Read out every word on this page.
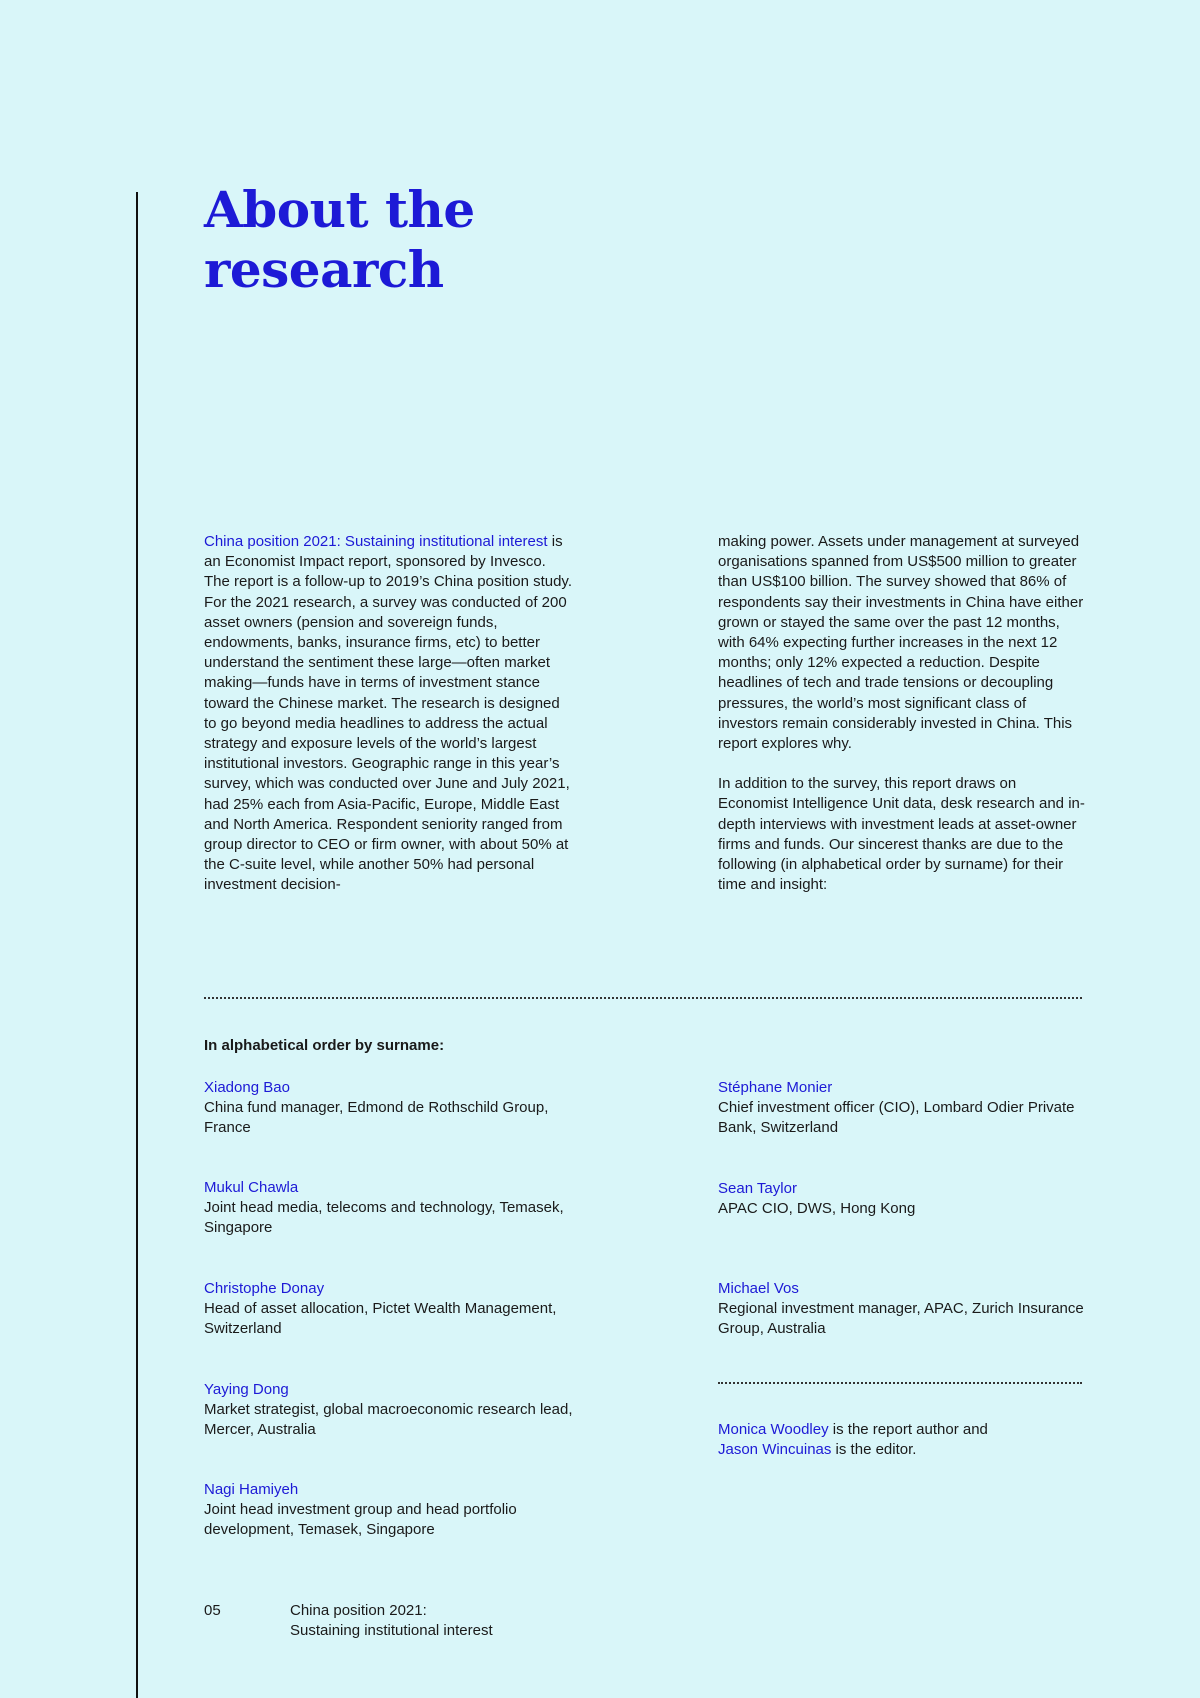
About the
research

China position 2021: Sustaining institutional interest is an Economist Impact report, sponsored by Invesco. The report is a follow-up to 2019’s China position study. For the 2021 research, a survey was conducted of 200 asset owners (pension and sovereign funds, endowments, banks, insurance firms, etc) to better understand the sentiment these large—often market making—funds have in terms of investment stance toward the Chinese market. The research is designed to go beyond media headlines to address the actual strategy and exposure levels of the world’s largest institutional investors. Geographic range in this year’s survey, which was conducted over June and July 2021, had 25% each from Asia-Pacific, Europe, Middle East and North America. Respondent seniority ranged from group director to CEO or firm owner, with about 50% at the C-suite level, while another 50% had personal investment decision-

making power. Assets under management at surveyed organisations spanned from US$500 million to greater than US$100 billion. The survey showed that 86% of respondents say their investments in China have either grown or stayed the same over the past 12 months, with 64% expecting further increases in the next 12 months; only 12% expected a reduction. Despite headlines of tech and trade tensions or decoupling pressures, the world’s most significant class of investors remain considerably invested in China. This report explores why.

In addition to the survey, this report draws on Economist Intelligence Unit data, desk research and in-depth interviews with investment leads at asset-owner firms and funds. Our sincerest thanks are due to the following (in alphabetical order by surname) for their time and insight:

In alphabetical order by surname:

Xiadong Bao
China fund manager, Edmond de Rothschild Group, France
Mukul Chawla
Joint head media, telecoms and technology, Temasek, Singapore
Christophe Donay
Head of asset allocation, Pictet Wealth Management, Switzerland
Yaying Dong
Market strategist, global macroeconomic research lead, Mercer, Australia
Nagi Hamiyeh
Joint head investment group and head portfolio development, Temasek, Singapore
Stéphane Monier
Chief investment officer (CIO), Lombard Odier Private Bank, Switzerland
Sean Taylor
APAC CIO, DWS, Hong Kong
Michael Vos
Regional investment manager, APAC, Zurich Insurance Group, Australia

Monica Woodley is the report author and
Jason Wincuinas is the editor.

05	China position 2021:
Sustaining institutional interest
